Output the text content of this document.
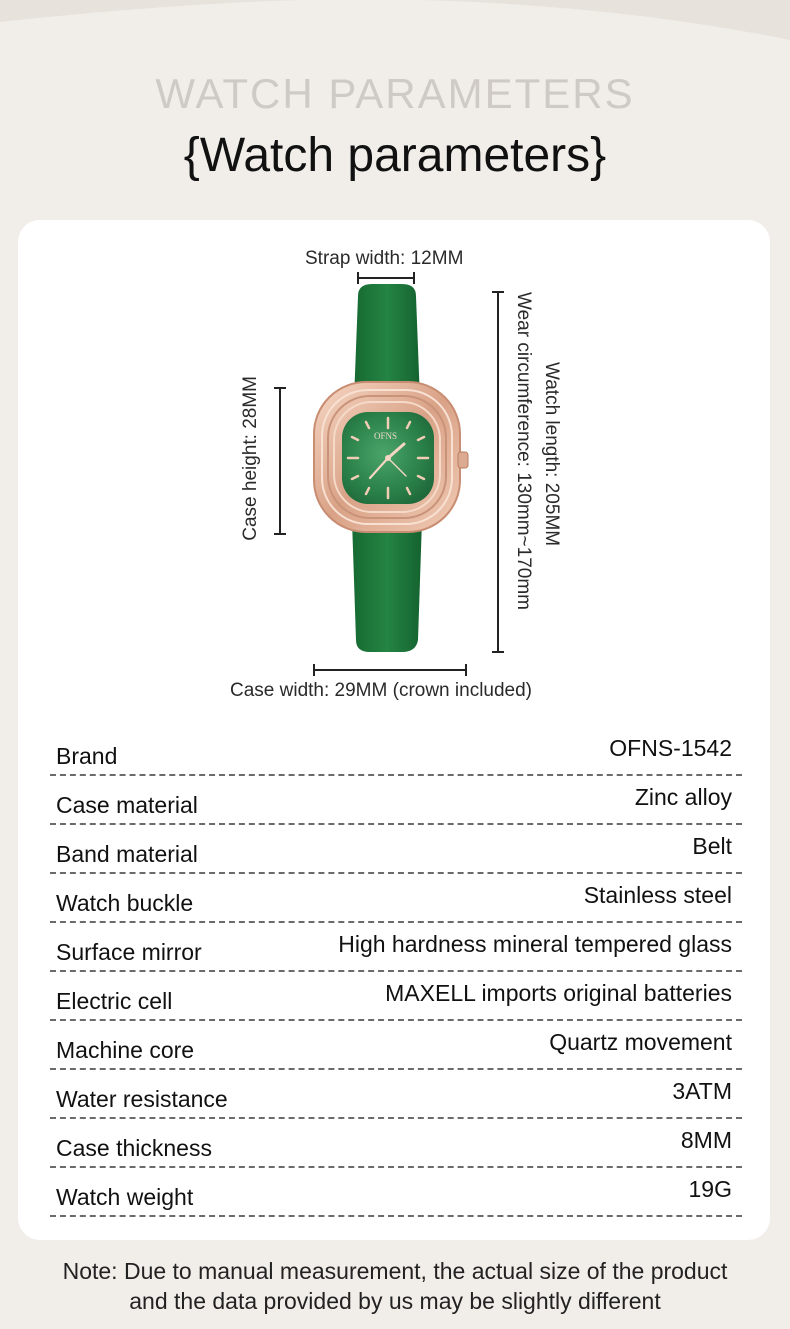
WATCH PARAMETERS
{Watch parameters}
Strap width: 12MM
Case height: 28MM	Wear circumference: 130mm~170mm Watch length: 205MM
Case width: 29MM (crown included)
OFNS
Brand	OFNS-1542
Case material	Zinc alloy
Band material	Belt
Watch buckle	Stainless steel
Surface mirror	High hardness mineral tempered glass
Electric cell	MAXELL imports original batteries
Machine core	Quartz movement
Water resistance	3ATM
Case thickness	8MM
Watch weight	19G
Note: Due to manual measurement, the actual size of the product
and the data provided by us may be slightly different
